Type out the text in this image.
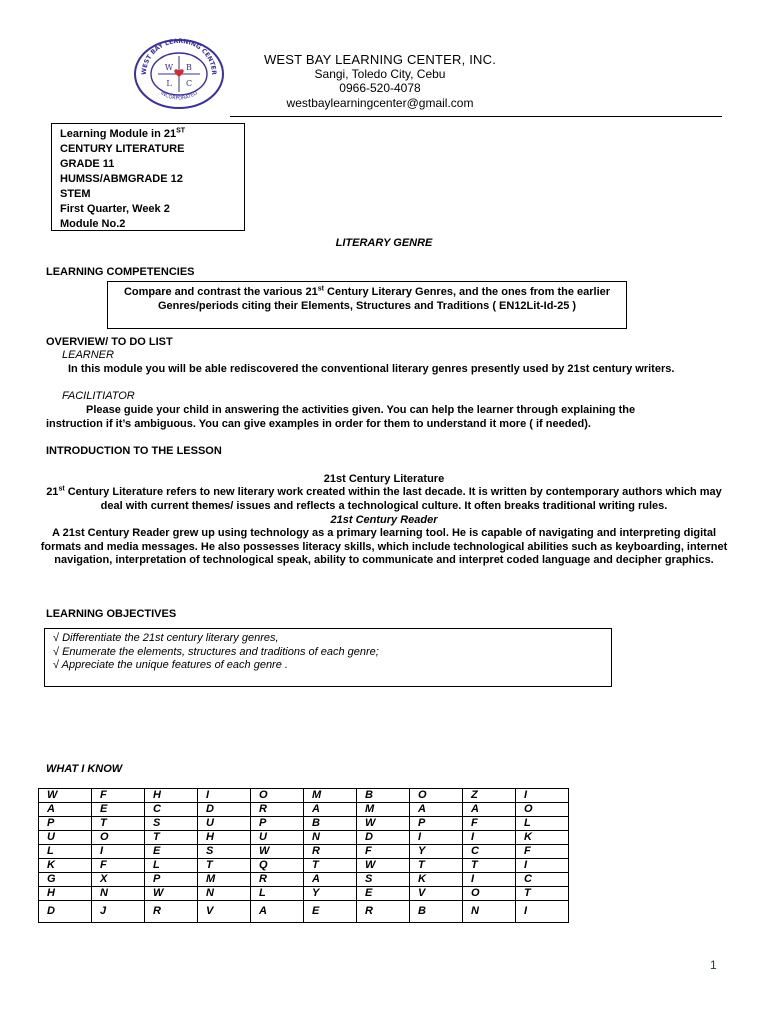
WEST BAY LEARNING CENTER
INCORPORATED
W B
L C
WEST BAY LEARNING CENTER, INC.
Sangi, Toledo City, Cebu
0966-520-4078
westbaylearningcenter@gmail.com
Learning Module in 21ST
CENTURY LITERATURE
GRADE 11
HUMSS/ABMGRADE 12
STEM
First Quarter, Week 2
Module No.2
LITERARY GENRE
LEARNING COMPETENCIES
Compare and contrast the various 21st Century Literary Genres, and the ones from the earlier Genres/periods citing their Elements, Structures and Traditions ( EN12Lit-Id-25 )
OVERVIEW/ TO DO LIST
LEARNER
In this module you will be able rediscovered the conventional literary genres presently used by 21st century writers.
FACILITIATOR
Please guide your child in answering the activities given. You can help the learner through explaining the instruction if it’s ambiguous. You can give examples in order for them to understand it more ( if needed).
INTRODUCTION TO THE LESSON
21st Century Literature
21st Century Literature refers to new literary work created within the last decade. It is written by contemporary authors which may deal with current themes/ issues and reflects a technological culture. It often breaks traditional writing rules.
21st Century Reader
A 21st Century Reader grew up using technology as a primary learning tool. He is capable of navigating and interpreting digital formats and media messages. He also possesses literacy skills, which include technological abilities such as keyboarding, internet navigation, interpretation of technological speak, ability to communicate and interpret coded language and decipher graphics.
LEARNING OBJECTIVES
√ Differentiate the 21st century literary genres,
√ Enumerate the elements, structures and traditions of each genre;
√ Appreciate the unique features of each genre .
WHAT I KNOW
W	F	H	I	O	M	B	O	Z	I
A	E	C	D	R	A	M	A	A	O
P	T	S	U	P	B	W	P	F	L
U	O	T	H	U	N	D	I	I	K
L	I	E	S	W	R	F	Y	C	F
K	F	L	T	Q	T	W	T	T	I
G	X	P	M	R	A	S	K	I	C
H	N	W	N	L	Y	E	V	O	T
D	J	R	V	A	E	R	B	N	I
1
